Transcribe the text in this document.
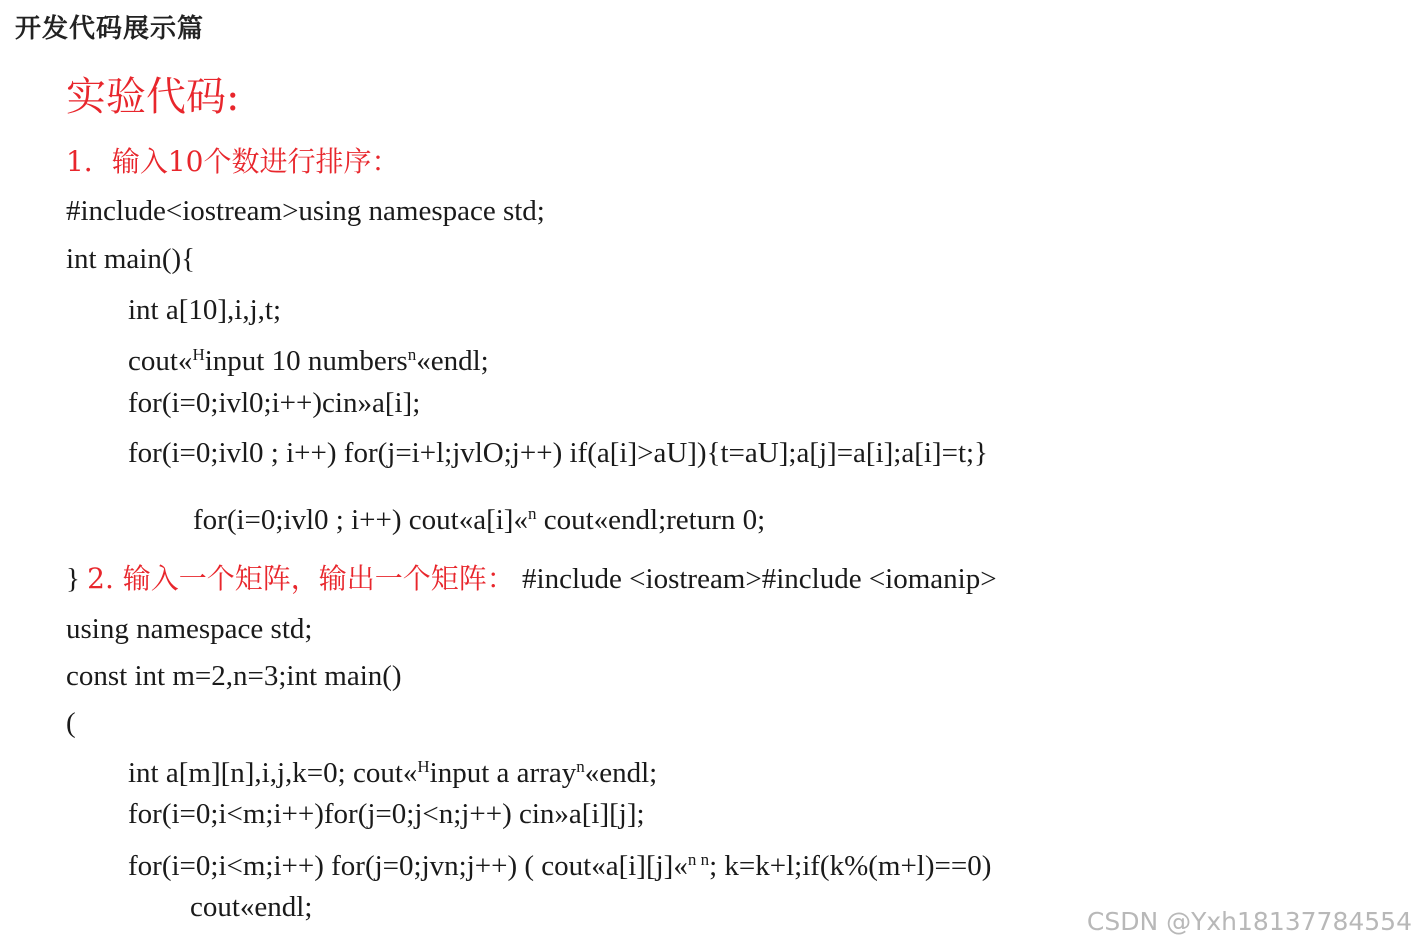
开发代码展示篇
实验代码:
1．输入10个数进行排序：
#include<iostream>using namespace std;
int main(){
int a[10],i,j,t;
cout«$^H$input 10 numbers$^n$«endl;
for(i=0;ivl0;i++)cin»a[i];
for(i=0;ivl0 ; i++) for(j=i+l;jvlO;j++) if(a[i]>aU]){t=aU];a[j]=a[i];a[i]=t;}
for(i=0;ivl0 ; i++) cout«a[i]«$^n$ cout«endl;return 0;
} 2. 输入一个矩阵，输出一个矩阵： #include <iostream>#include <iomanip>
using namespace std;
const int m=2,n=3;int main()
(
int a[m][n],i,j,k=0; cout«$^H$input a array$^n$«endl;
for(i=0;i<m;i++)for(j=0;j<n;j++) cin»a[i][j];
for(i=0;i<m;i++) for(j=0;jvn;j++) ( cout«a[i][j]«$^{n n}$; k=k+l;if(k%(m+l)==0)
cout«endl;	CSDN @Yxh18137784554
